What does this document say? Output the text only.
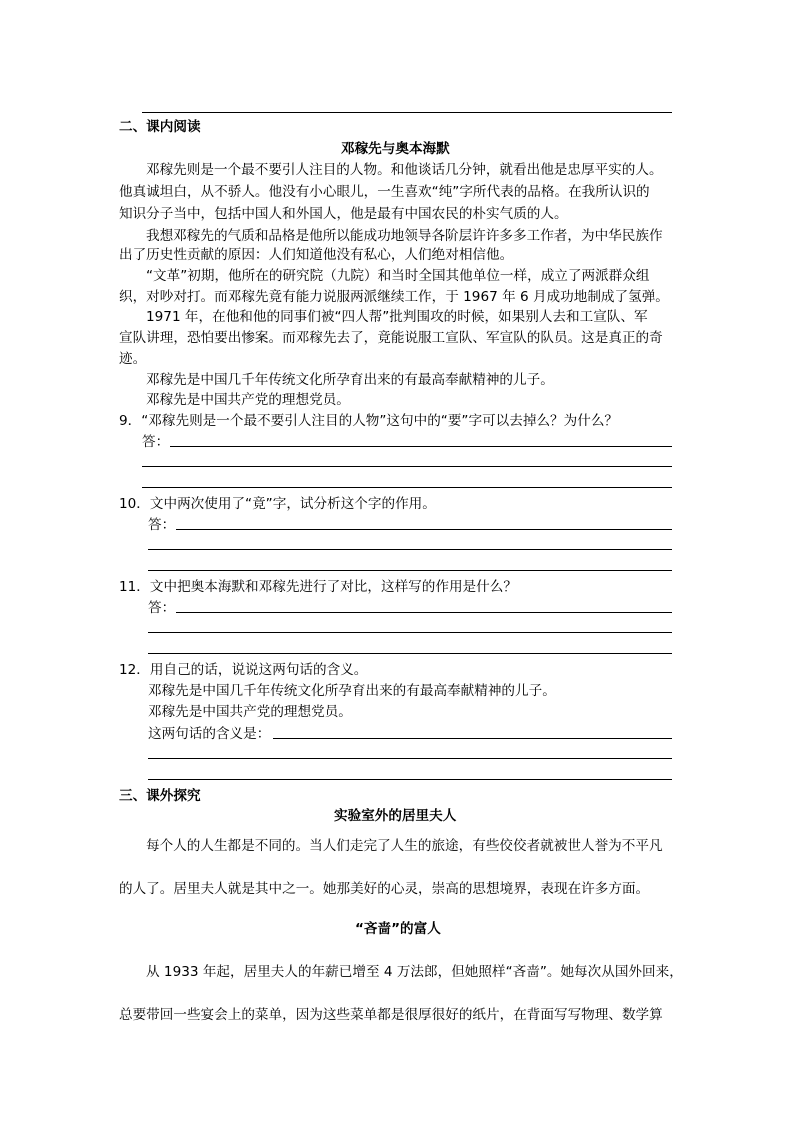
二、课内阅读
邓稼先与奥本海默
邓稼先则是一个最不要引人注目的人物。和他谈话几分钟，就看出他是忠厚平实的人。
他真诚坦白，从不骄人。他没有小心眼儿，一生喜欢“纯”字所代表的品格。在我所认识的
知识分子当中，包括中国人和外国人，他是最有中国农民的朴实气质的人。
我想邓稼先的气质和品格是他所以能成功地领导各阶层许许多多工作者，为中华民族作
出了历史性贡献的原因：人们知道他没有私心，人们绝对相信他。
“文革”初期，他所在的研究院（九院）和当时全国其他单位一样，成立了两派群众组
织，对吵对打。而邓稼先竟有能力说服两派继续工作，于 1967 年 6 月成功地制成了氢弹。
1971 年，在他和他的同事们被“四人帮”批判围攻的时候，如果别人去和工宣队、军
宣队讲理，恐怕要出惨案。而邓稼先去了，竟能说服工宣队、军宣队的队员。这是真正的奇
迹。
邓稼先是中国几千年传统文化所孕育出来的有最高奉献精神的儿子。
邓稼先是中国共产党的理想党员。
9．“邓稼先则是一个最不要引人注目的人物”这句中的“要”字可以去掉么？为什么？
答：
10．文中两次使用了“竟”字，试分析这个字的作用。
答：
11．文中把奥本海默和邓稼先进行了对比，这样写的作用是什么？
答：
12．用自己的话，说说这两句话的含义。
邓稼先是中国几千年传统文化所孕育出来的有最高奉献精神的儿子。
邓稼先是中国共产党的理想党员。
这两句话的含义是：
三、课外探究
实验室外的居里夫人
每个人的人生都是不同的。当人们走完了人生的旅途，有些佼佼者就被世人誉为不平凡
的人了。居里夫人就是其中之一。她那美好的心灵，崇高的思想境界，表现在许多方面。
“吝啬”的富人
从 1933 年起，居里夫人的年薪已增至 4 万法郎，但她照样“吝啬”。她每次从国外回来，
总要带回一些宴会上的菜单，因为这些菜单都是很厚很好的纸片，在背面写写物理、数学算
